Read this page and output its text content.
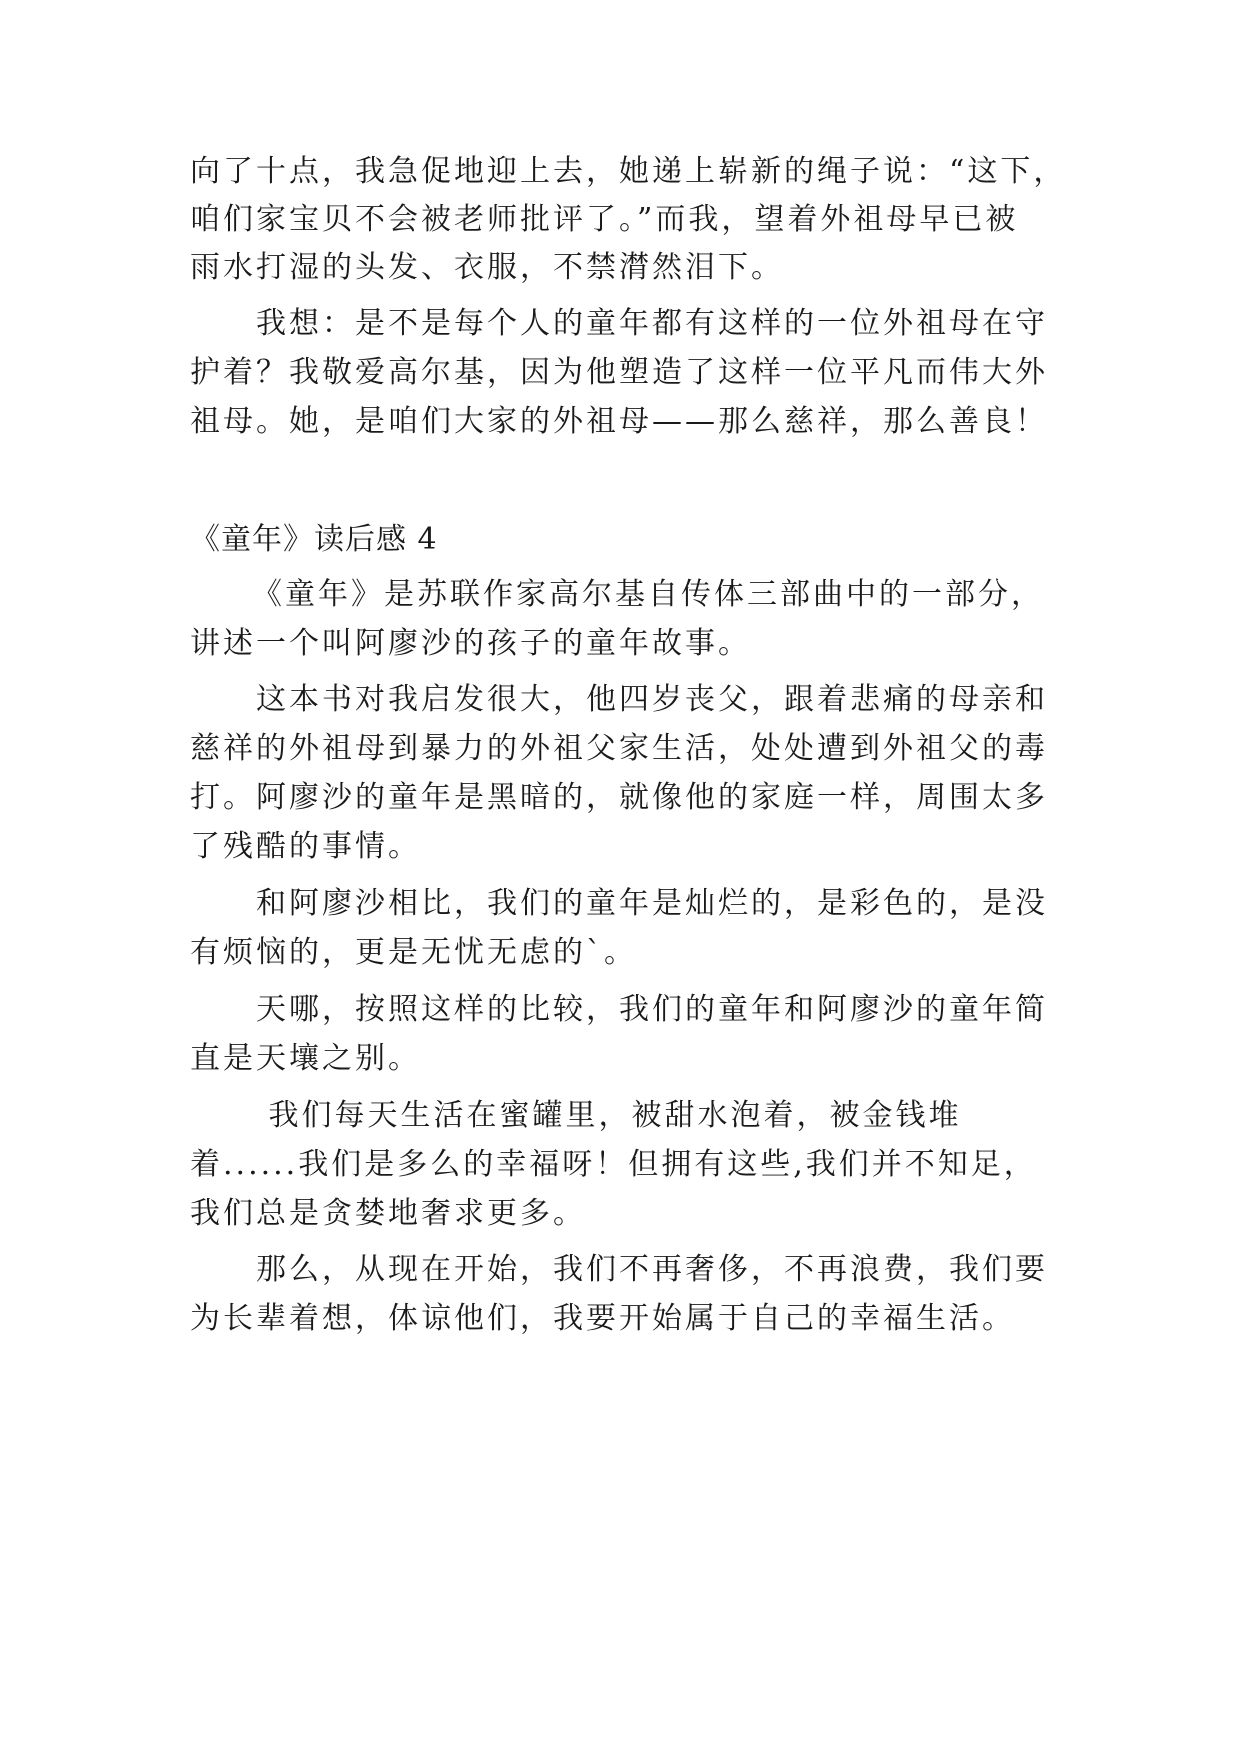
向了十点，我急促地迎上去，她递上崭新的绳子说：“这下，
咱们家宝贝不会被老师批评了。”而我，望着外祖母早已被
雨水打湿的头发、衣服，不禁潸然泪下。
我想：是不是每个人的童年都有这样的一位外祖母在守
护着？我敬爱高尔基，因为他塑造了这样一位平凡而伟大外
祖母。她，是咱们大家的外祖母——那么慈祥，那么善良！
《童年》读后感 4
《童年》是苏联作家高尔基自传体三部曲中的一部分，
讲述一个叫阿廖沙的孩子的童年故事。
这本书对我启发很大，他四岁丧父，跟着悲痛的母亲和
慈祥的外祖母到暴力的外祖父家生活，处处遭到外祖父的毒
打。阿廖沙的童年是黑暗的，就像他的家庭一样，周围太多
了残酷的事情。
和阿廖沙相比，我们的童年是灿烂的，是彩色的，是没
有烦恼的，更是无忧无虑的`。
天哪，按照这样的比较，我们的童年和阿廖沙的童年简
直是天壤之别。
我们每天生活在蜜罐里，被甜水泡着，被金钱堆
着......我们是多么的幸福呀！但拥有这些,我们并不知足，
我们总是贪婪地奢求更多。
那么，从现在开始，我们不再奢侈，不再浪费，我们要
为长辈着想，体谅他们，我要开始属于自己的幸福生活。
